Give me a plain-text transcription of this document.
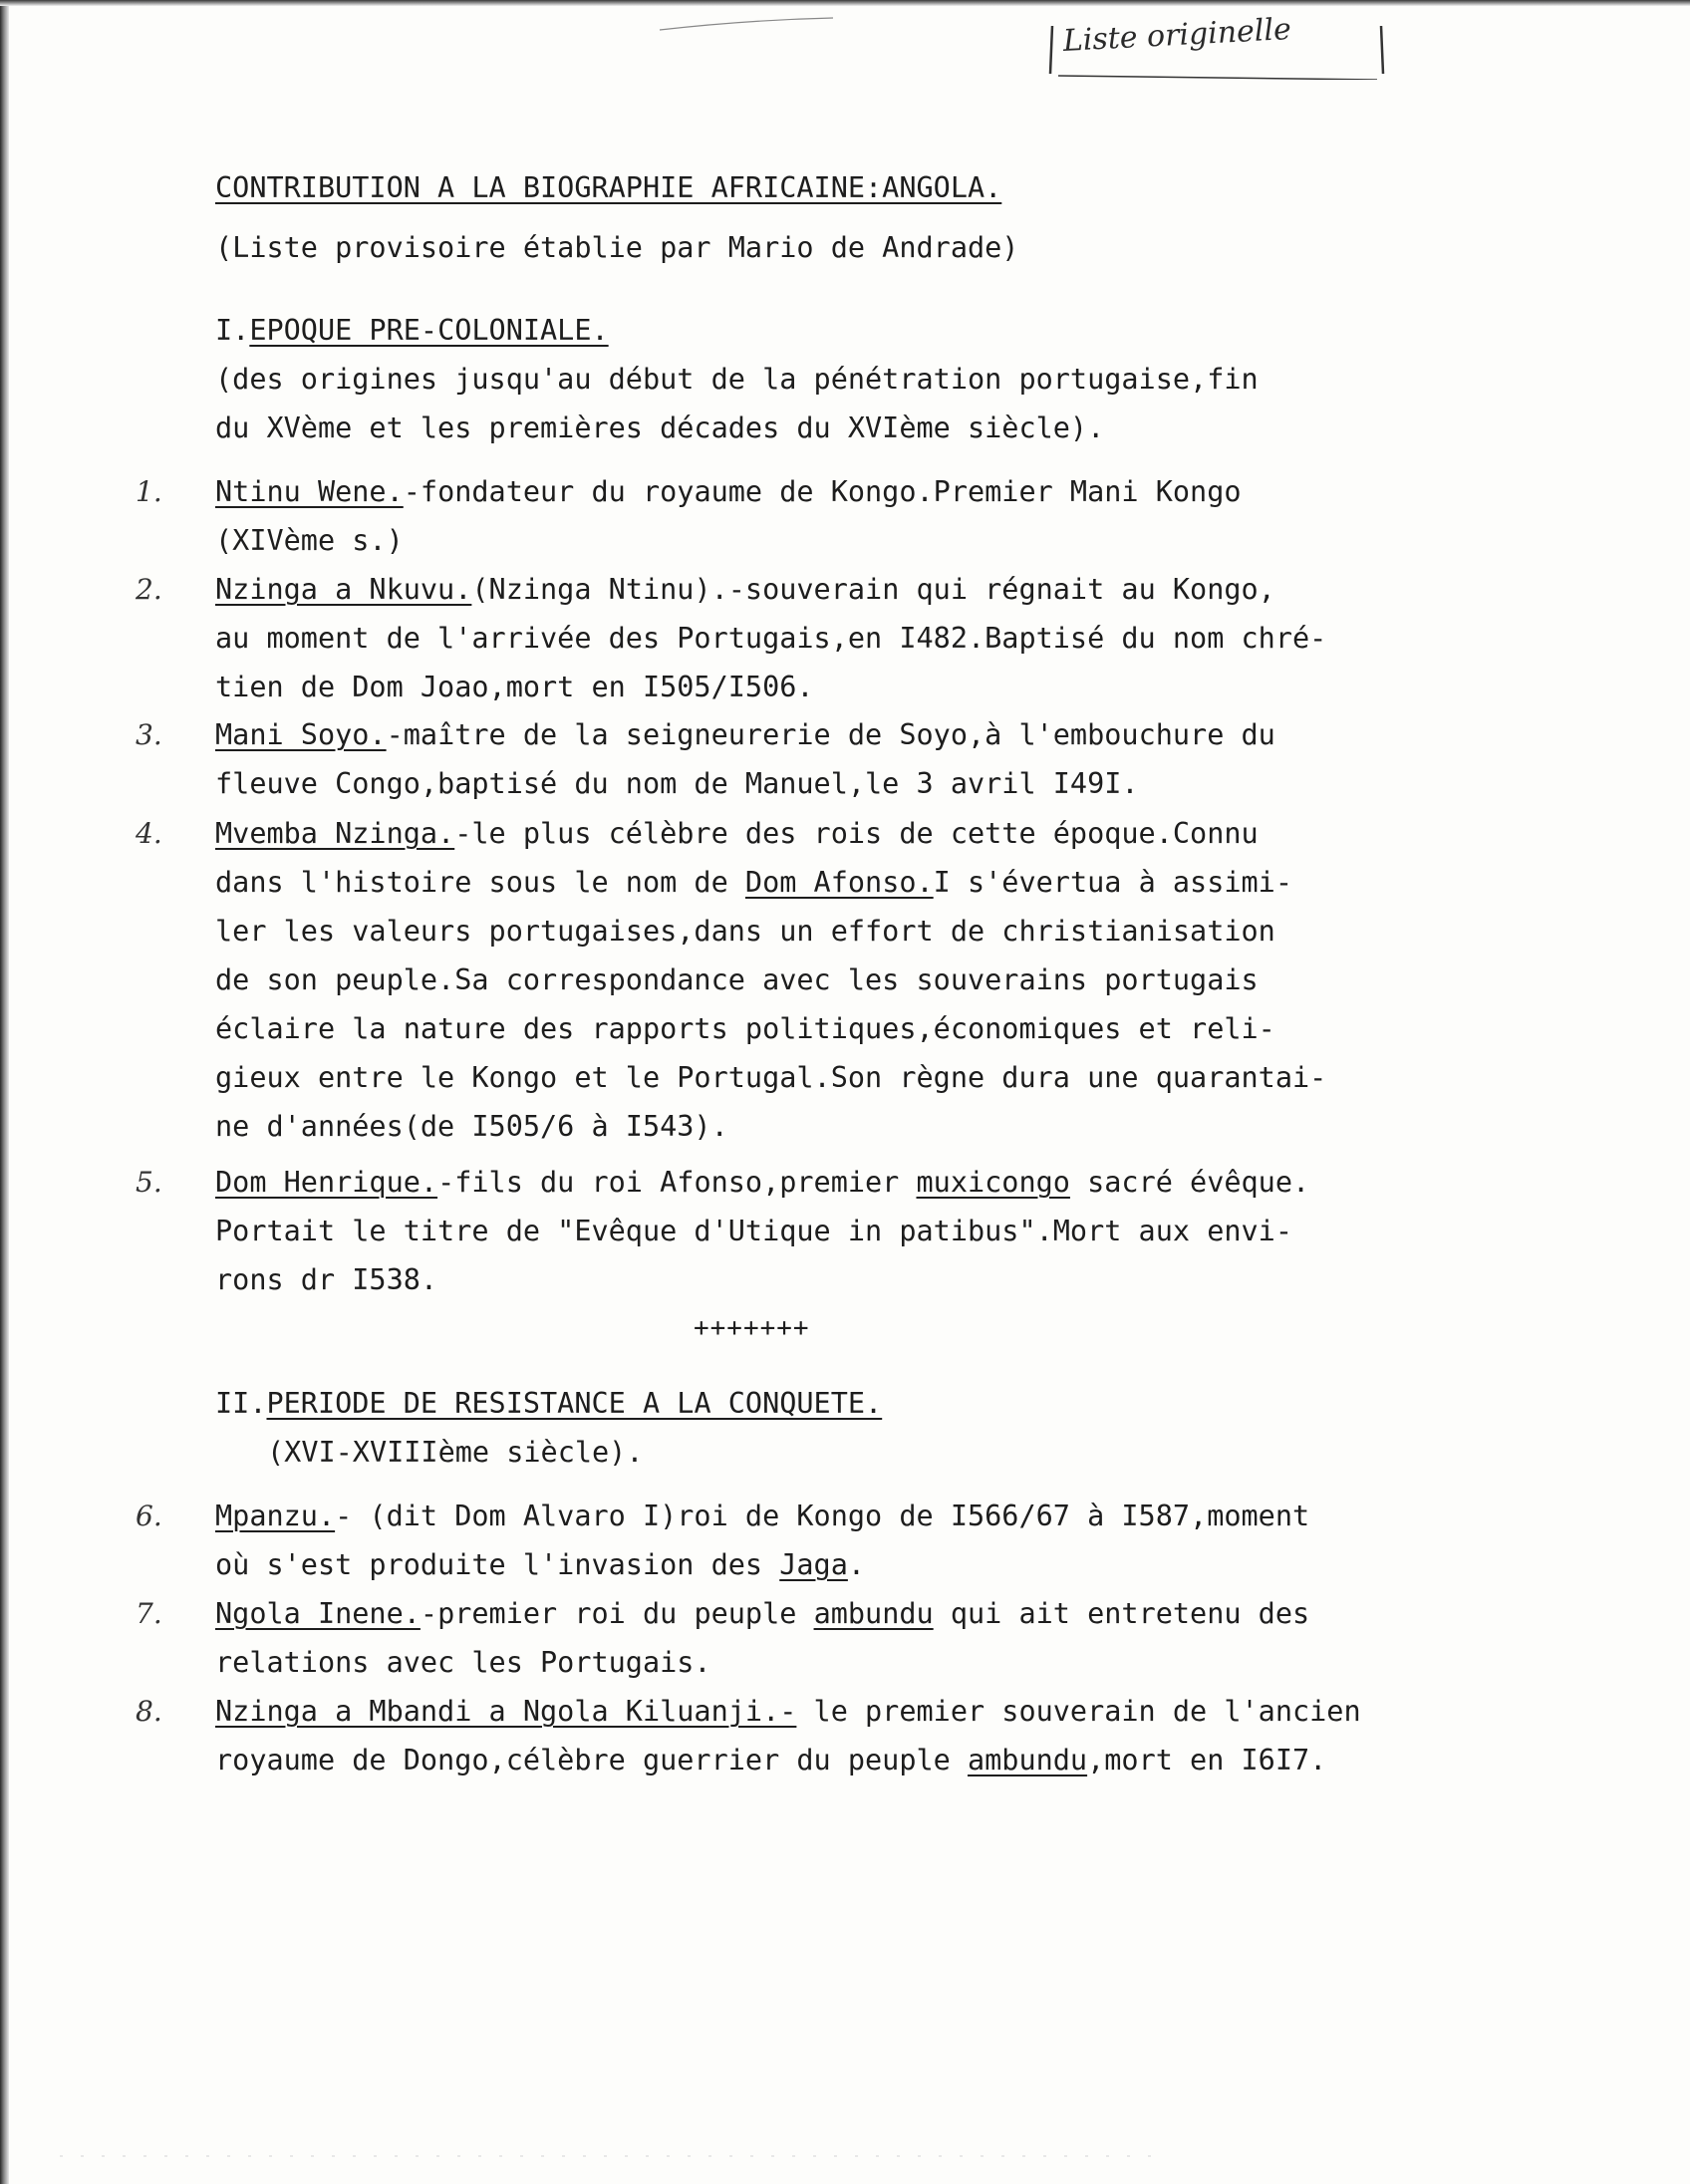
Liste originelle
CONTRIBUTION A LA BIOGRAPHIE AFRICAINE:ANGOLA.
(Liste provisoire établie par Mario de Andrade)
I.EPOQUE PRE-COLONIALE.
(des origines jusqu'au début de la pénétration portugaise,fin
du XVème et les premières décades du XVIème siècle).
1. Ntinu Wene.-fondateur du royaume de Kongo.Premier Mani Kongo
(XIVème s.)
2. Nzinga a Nkuvu.(Nzinga Ntinu).-souverain qui régnait au Kongo,
au moment de l'arrivée des Portugais,en I482.Baptisé du nom chré-
tien de Dom Joao,mort en I505/I506.
3. Mani Soyo.-maître de la seigneurerie de Soyo,à l'embouchure du
fleuve Congo,baptisé du nom de Manuel,le 3 avril I49I.
4. Mvemba Nzinga.-le plus célèbre des rois de cette époque.Connu
dans l'histoire sous le nom de Dom Afonso.I s'évertua à assimi-
ler les valeurs portugaises,dans un effort de christianisation
de son peuple.Sa correspondance avec les souverains portugais
éclaire la nature des rapports politiques,économiques et reli-
gieux entre le Kongo et le Portugal.Son règne dura une quarantai-
ne d'années(de I505/6 à I543).
5. Dom Henrique.-fils du roi Afonso,premier muxicongo sacré évêque.
Portait le titre de "Evêque d'Utique in patibus".Mort aux envi-
rons dr I538.
+++++++
II.PERIODE DE RESISTANCE A LA CONQUETE.
(XVI-XVIIIème siècle).
6. Mpanzu.- (dit Dom Alvaro I)roi de Kongo de I566/67 à I587,moment
où s'est produite l'invasion des Jaga.
7. Ngola Inene.-premier roi du peuple ambundu qui ait entretenu des
relations avec les Portugais.
8. Nzinga a Mbandi a Ngola Kiluanji.- le premier souverain de l'ancien
royaume de Dongo,célèbre guerrier du peuple ambundu,mort en I6I7.
